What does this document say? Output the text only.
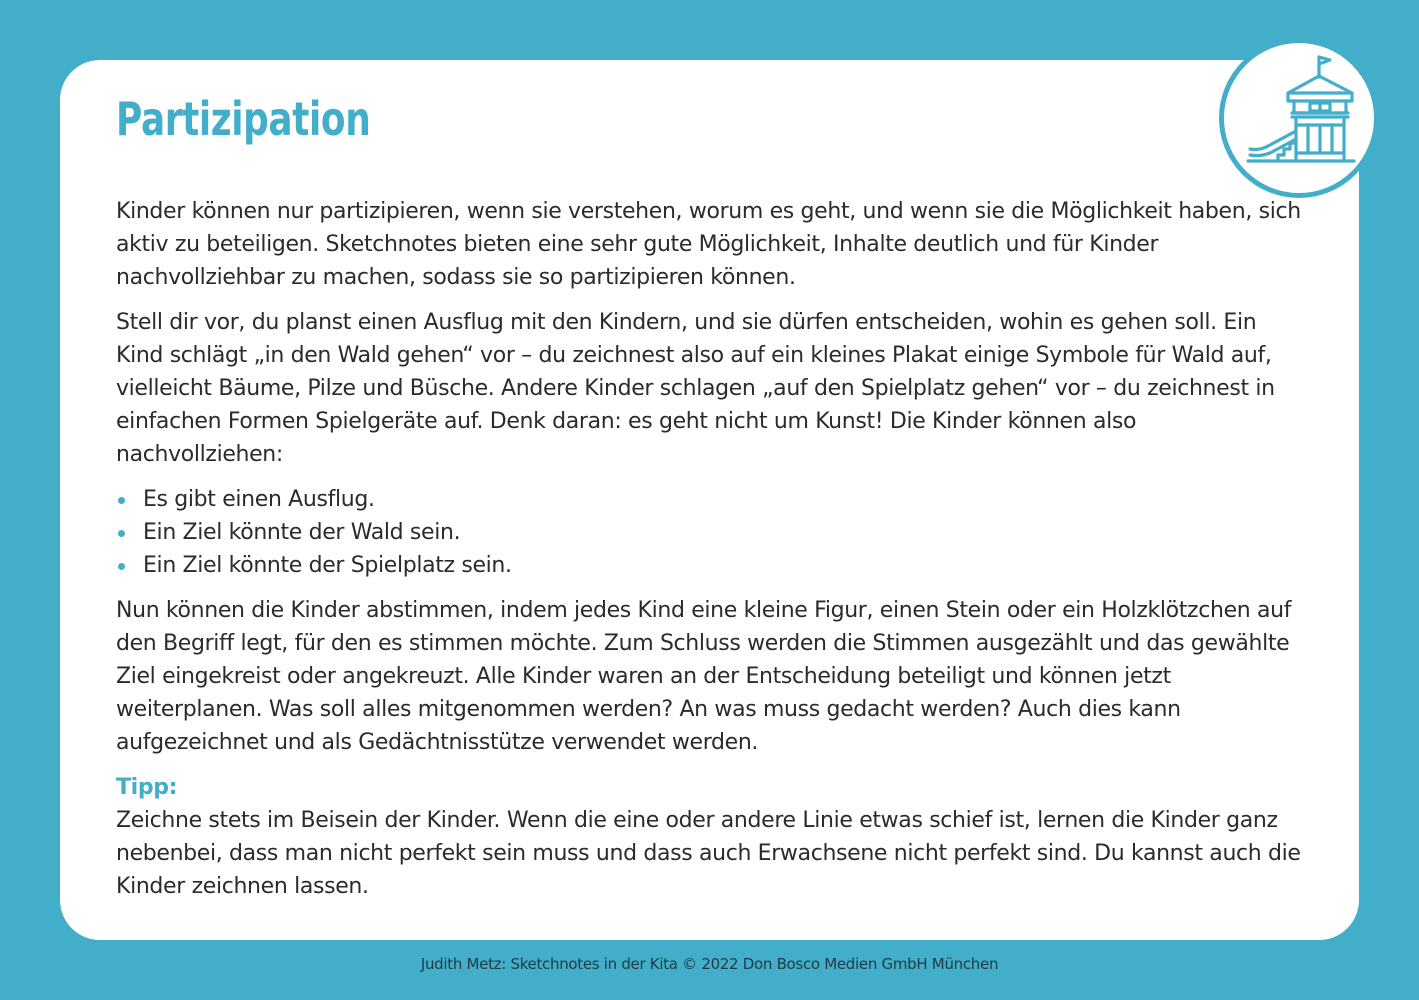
Partizipation

Kinder können nur partizipieren, wenn sie verstehen, worum es geht, und wenn sie die Möglichkeit haben, sich aktiv zu beteiligen. Sketchnotes bieten eine sehr gute Möglichkeit, Inhalte deutlich und für Kinder nachvollziehbar zu machen, sodass sie so partizipieren können.

Stell dir vor, du planst einen Ausflug mit den Kindern, und sie dürfen entscheiden, wohin es gehen soll. Ein Kind schlägt „in den Wald gehen“ vor – du zeichnest also auf ein kleines Plakat einige Symbole für Wald auf, vielleicht Bäume, Pilze und Büsche. Andere Kinder schlagen „auf den Spielplatz gehen“ vor – du zeichnest in einfachen Formen Spielgeräte auf. Denk daran: es geht nicht um Kunst! Die Kinder können also nachvollziehen:

Es gibt einen Ausflug.
Ein Ziel könnte der Wald sein.
Ein Ziel könnte der Spielplatz sein.

Nun können die Kinder abstimmen, indem jedes Kind eine kleine Figur, einen Stein oder ein Holzklötzchen auf den Begriff legt, für den es stimmen möchte. Zum Schluss werden die Stimmen ausgezählt und das gewählte Ziel eingekreist oder angekreuzt. Alle Kinder waren an der Entscheidung beteiligt und können jetzt weiterplanen. Was soll alles mitgenommen werden? An was muss gedacht werden? Auch dies kann aufgezeichnet und als Gedächtnisstütze verwendet werden.

Tipp:

Zeichne stets im Beisein der Kinder. Wenn die eine oder andere Linie etwas schief ist, lernen die Kinder ganz nebenbei, dass man nicht perfekt sein muss und dass auch Erwachsene nicht perfekt sind. Du kannst auch die Kinder zeichnen lassen.

Judith Metz: Sketchnotes in der Kita © 2022 Don Bosco Medien GmbH München
